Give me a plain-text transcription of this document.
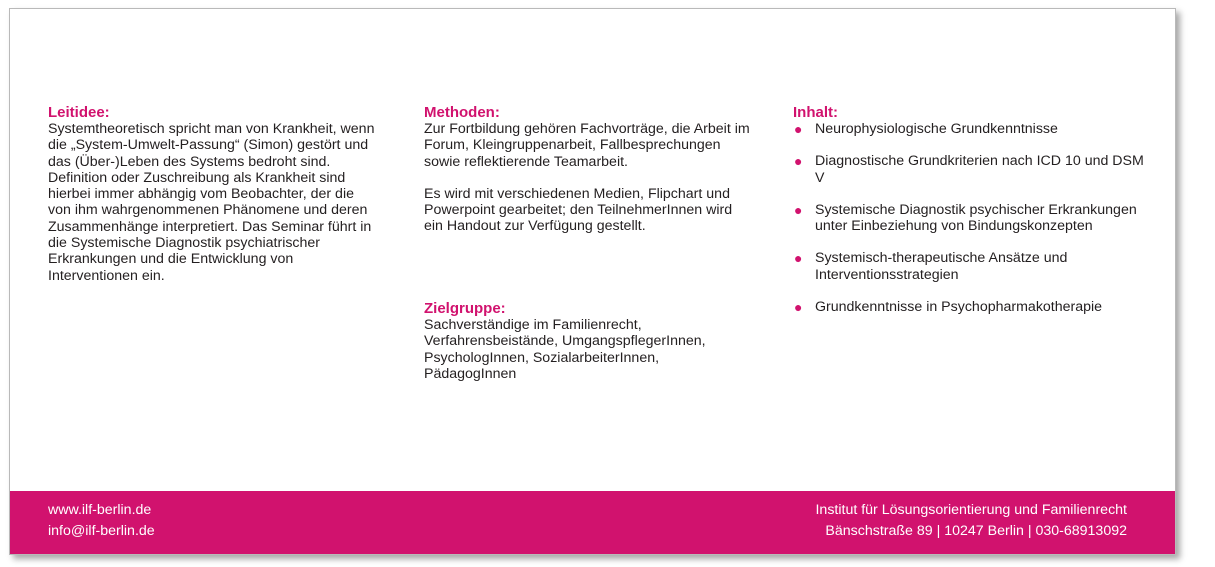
Leitidee:

Systemtheoretisch spricht man von Krankheit, wenn die „System-Umwelt-Passung“ (Simon) gestört und das (Über-)Leben des Systems bedroht sind. Definition oder Zuschreibung als Krankheit sind hierbei immer abhängig vom Beobachter, der die von ihm wahrgenommenen Phänomene und deren Zusammenhänge interpretiert. Das Seminar führt in die Systemische Diagnostik psychiatrischer Erkrankungen und die Entwicklung von Interventionen ein.

Methoden:

Zur Fortbildung gehören Fachvorträge, die Arbeit im Forum, Kleingruppenarbeit, Fallbesprechungen sowie reflektierende Teamarbeit.

Es wird mit verschiedenen Medien, Flipchart und Powerpoint gearbeitet; den TeilnehmerInnen wird ein Handout zur Verfügung gestellt.

Zielgruppe:

Sachverständige im Familienrecht, Verfahrensbeistände, UmgangspflegerInnen, PsychologInnen, SozialarbeiterInnen, PädagogInnen

Inhalt:
● Neurophysiologische Grundkenntnisse
● Diagnostische Grundkriterien nach ICD 10 und DSM V
● Systemische Diagnostik psychischer Erkrankungen unter Einbeziehung von Bindungskonzepten
● Systemisch-therapeutische Ansätze und Interventionsstrategien
● Grundkenntnisse in Psychopharmakotherapie
www.ilf-berlin.de
info@ilf-berlin.de
Institut für Lösungsorientierung und Familienrecht
Bänschstraße 89 | 10247 Berlin | 030-68913092
